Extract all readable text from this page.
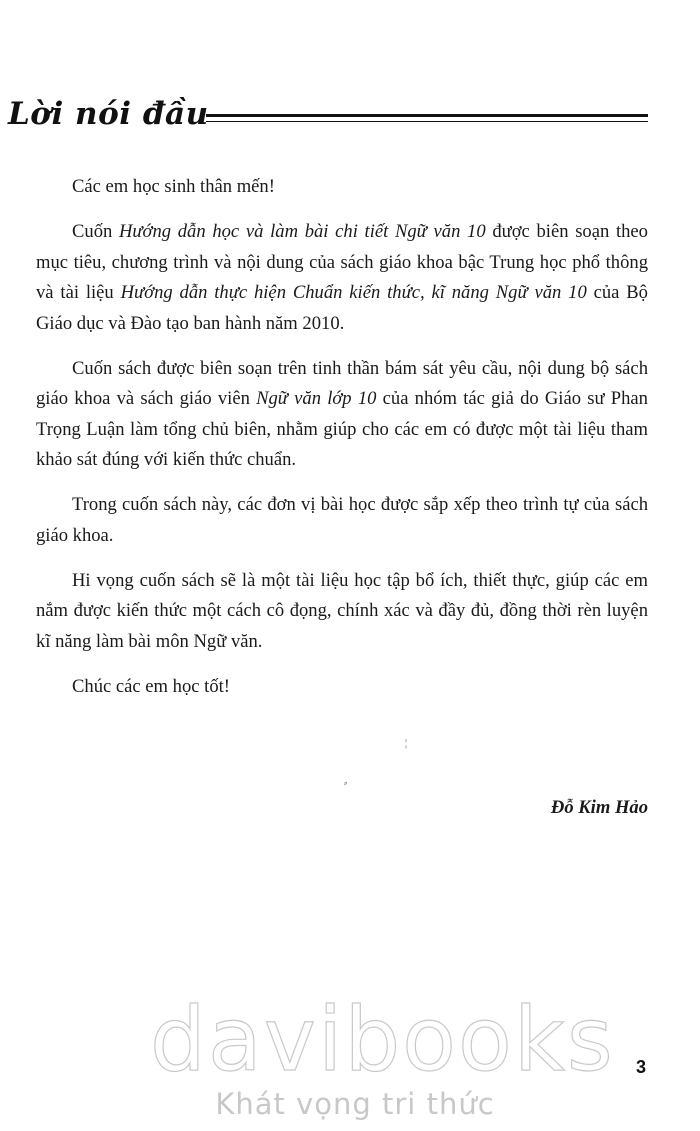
Lời nói đầu

Các em học sinh thân mến!

Cuốn Hướng dẫn học và làm bài chi tiết Ngữ văn 10 được biên soạn theo mục tiêu, chương trình và nội dung của sách giáo khoa bậc Trung học phổ thông và tài liệu Hướng dẫn thực hiện Chuẩn kiến thức, kĩ năng Ngữ văn 10 của Bộ Giáo dục và Đào tạo ban hành năm 2010.

Cuốn sách được biên soạn trên tinh thần bám sát yêu cầu, nội dung bộ sách giáo khoa và sách giáo viên Ngữ văn lớp 10 của nhóm tác giả do Giáo sư Phan Trọng Luận làm tổng chủ biên, nhằm giúp cho các em có được một tài liệu tham khảo sát đúng với kiến thức chuẩn.

Trong cuốn sách này, các đơn vị bài học được sắp xếp theo trình tự của sách giáo khoa.

Hi vọng cuốn sách sẽ là một tài liệu học tập bổ ích, thiết thực, giúp các em nắm được kiến thức một cách cô đọng, chính xác và đầy đủ, đồng thời rèn luyện kĩ năng làm bài môn Ngữ văn.

Chúc các em học tốt!

¦
⸗
Đỗ Kim Hảo
davibooks
Khát vọng tri thức
3
